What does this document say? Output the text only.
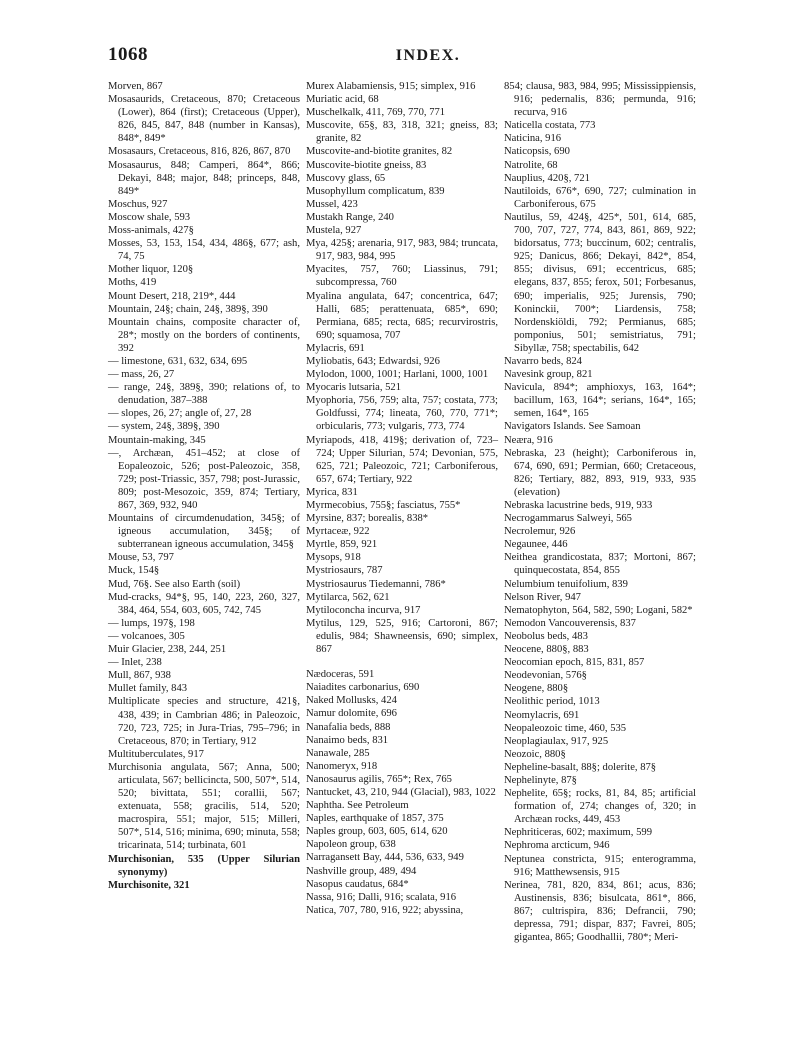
1068	INDEX.
Morven, 867
Mosasaurids, Cretaceous, 870; Cretaceous (Lower), 864 (first); Cretaceous (Upper), 826, 845, 847, 848 (number in Kansas), 848*, 849*
Mosasaurs, Cretaceous, 816, 826, 867, 870
Mosasaurus, 848; Camperi, 864*, 866; Dekayi, 848; major, 848; princeps, 848, 849*
Moschus, 927
Moscow shale, 593
Moss-animals, 427§
Mosses, 53, 153, 154, 434, 486§, 677; ash, 74, 75
Mother liquor, 120§
Moths, 419
Mount Desert, 218, 219*, 444
Mountain, 24§; chain, 24§, 389§, 390
Mountain chains, composite character of, 28*; mostly on the borders of continents, 392
— limestone, 631, 632, 634, 695
— mass, 26, 27
— range, 24§, 389§, 390; relations of, to denudation, 387–388
— slopes, 26, 27; angle of, 27, 28
— system, 24§, 389§, 390
Mountain-making, 345
—, Archæan, 451–452; at close of Eopaleozoic, 526; post-Paleozoic, 358, 729; post-Triassic, 357, 798; post-Jurassic, 809; post-Mesozoic, 359, 874; Tertiary, 867, 369, 932, 940
Mountains of circumdenudation, 345§; of igneous accumulation, 345§; of subterranean igneous accumulation, 345§
Mouse, 53, 797
Muck, 154§
Mud, 76§. See also Earth (soil)
Mud-cracks, 94*§, 95, 140, 223, 260, 327, 384, 464, 554, 603, 605, 742, 745
— lumps, 197§, 198
— volcanoes, 305
Muir Glacier, 238, 244, 251
— Inlet, 238
Mull, 867, 938
Mullet family, 843
Multiplicate species and structure, 421§, 438, 439; in Cambrian 486; in Paleozoic, 720, 723, 725; in Jura-Trias, 795–796; in Cretaceous, 870; in Tertiary, 912
Multituberculates, 917
Murchisonia angulata, 567; Anna, 500; articulata, 567; bellicincta, 500, 507*, 514, 520; bivittata, 551; corallii, 567; extenuata, 558; gracilis, 514, 520; macrospira, 551; major, 515; Milleri, 507*, 514, 516; minima, 690; minuta, 558; tricarinata, 514; turbinata, 601
Murchisonian, 535 (Upper Silurian synonymy)
Murchisonite, 321
Murex Alabamiensis, 915; simplex, 916
Muriatic acid, 68
Muschelkalk, 411, 769, 770, 771
Muscovite, 65§, 83, 318, 321; gneiss, 83; granite, 82
Muscovite-and-biotite granites, 82
Muscovite-biotite gneiss, 83
Muscovy glass, 65
Musophyllum complicatum, 839
Mussel, 423
Mustakh Range, 240
Mustela, 927
Mya, 425§; arenaria, 917, 983, 984; truncata, 917, 983, 984, 995
Myacites, 757, 760; Liassinus, 791; subcompressa, 760
Myalina angulata, 647; concentrica, 647; Halli, 685; perattenuata, 685*, 690; Permiana, 685; recta, 685; recurvirostris, 690; squamosa, 707
Mylacris, 691
Myliobatis, 643; Edwardsi, 926
Mylodon, 1000, 1001; Harlani, 1000, 1001
Myocaris lutsaria, 521
Myophoria, 756, 759; alta, 757; costata, 773; Goldfussi, 774; lineata, 760, 770, 771*; orbicularis, 773; vulgaris, 773, 774
Myriapods, 418, 419§; derivation of, 723–724; Upper Silurian, 574; Devonian, 575, 625, 721; Paleozoic, 721; Carboniferous, 657, 674; Tertiary, 922
Myrica, 831
Myrmecobius, 755§; fasciatus, 755*
Myrsine, 837; borealis, 838*
Myrtaceæ, 922
Myrtle, 859, 921
Mysops, 918
Mystriosaurs, 787
Mystriosaurus Tiedemanni, 786*
Mytilarca, 562, 621
Mytiloconcha incurva, 917
Mytilus, 129, 525, 916; Cartoroni, 867; edulis, 984; Shawneensis, 690; simplex, 867
Nædoceras, 591
Naiadites carbonarius, 690
Naked Mollusks, 424
Namur dolomite, 696
Nanafalia beds, 888
Nanaimo beds, 831
Nanawale, 285
Nanomeryx, 918
Nanosaurus agilis, 765*; Rex, 765
Nantucket, 43, 210, 944 (Glacial), 983, 1022
Naphtha. See Petroleum
Naples, earthquake of 1857, 375
Naples group, 603, 605, 614, 620
Napoleon group, 638
Narragansett Bay, 444, 536, 633, 949
Nashville group, 489, 494
Nasopus caudatus, 684*
Nassa, 916; Dalli, 916; scalata, 916
Natica, 707, 780, 916, 922; abyssina,
854; clausa, 983, 984, 995; Mississippiensis, 916; pedernalis, 836; permunda, 916; recurva, 916
Naticella costata, 773
Naticina, 916
Naticopsis, 690
Natrolite, 68
Nauplius, 420§, 721
Nautiloids, 676*, 690, 727; culmination in Carboniferous, 675
Nautilus, 59, 424§, 425*, 501, 614, 685, 700, 707, 727, 774, 843, 861, 869, 922; bidorsatus, 773; buccinum, 602; centralis, 925; Danicus, 866; Dekayi, 842*, 854, 855; divisus, 691; eccentricus, 685; elegans, 837, 855; ferox, 501; Forbesanus, 690; imperialis, 925; Jurensis, 790; Koninckii, 700*; Liardensis, 758; Nordenskiöldi, 792; Permianus, 685; pomponius, 501; semistriatus, 791; Sibyllæ, 758; spectabilis, 642
Navarro beds, 824
Navesink group, 821
Navicula, 894*; amphioxys, 163, 164*; bacillum, 163, 164*; serians, 164*, 165; semen, 164*, 165
Navigators Islands. See Samoan
Neæra, 916
Nebraska, 23 (height); Carboniferous in, 674, 690, 691; Permian, 660; Cretaceous, 826; Tertiary, 882, 893, 919, 933, 935 (elevation)
Nebraska lacustrine beds, 919, 933
Necrogammarus Salweyi, 565
Necrolemur, 926
Negaunee, 446
Neithea grandicostata, 837; Mortoni, 867; quinquecostata, 854, 855
Nelumbium tenuifolium, 839
Nelson River, 947
Nematophyton, 564, 582, 590; Logani, 582*
Nemodon Vancouverensis, 837
Neobolus beds, 483
Neocene, 880§, 883
Neocomian epoch, 815, 831, 857
Neodevonian, 576§
Neogene, 880§
Neolithic period, 1013
Neomylacris, 691
Neopaleozoic time, 460, 535
Neoplagiaulax, 917, 925
Neozoic, 880§
Nepheline-basalt, 88§; dolerite, 87§
Nephelinyte, 87§
Nephelite, 65§; rocks, 81, 84, 85; artificial formation of, 274; changes of, 320; in Archæan rocks, 449, 453
Nephriticeras, 602; maximum, 599
Nephroma arcticum, 946
Neptunea constricta, 915; enterogramma, 916; Matthewsensis, 915
Nerinea, 781, 820, 834, 861; acus, 836; Austinensis, 836; bisulcata, 861*, 866, 867; cultrispira, 836; Defrancii, 790; depressa, 791; dispar, 837; Favrei, 805; gigantea, 865; Goodhallii, 780*; Meri-
